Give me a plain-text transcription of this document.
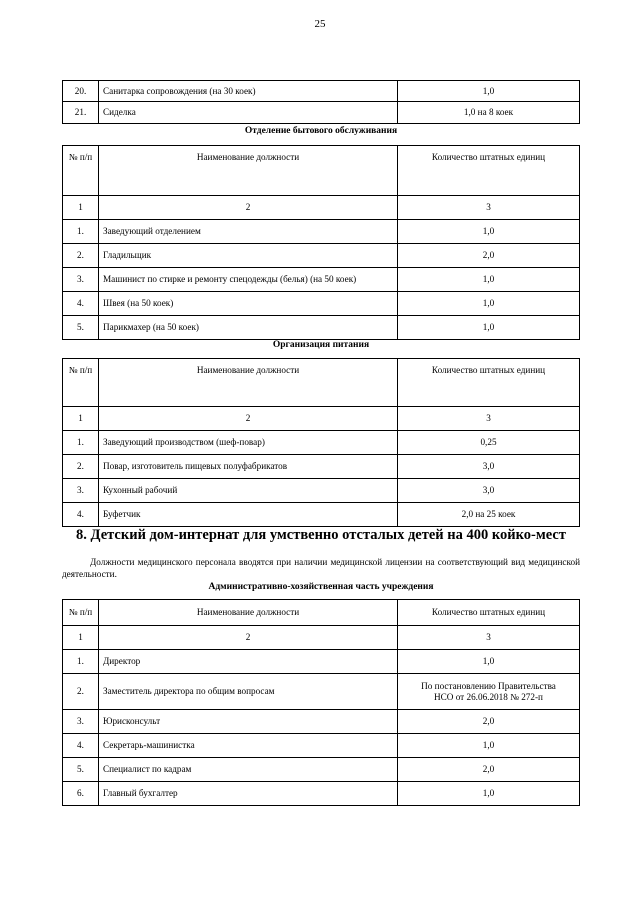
25
20.	Санитарка сопровождения (на 30 коек)	1,0
21.	Сиделка	1,0 на 8 коек
Отделение бытового обслуживания
№ п/п	Наименование должности	Количество штатных единиц
1	2	3
1.	Заведующий отделением	1,0
2.	Гладильщик	2,0
3.	Машинист по стирке и ремонту спецодежды (белья) (на 50 коек)	1,0
4.	Швея (на 50 коек)	1,0
5.	Парикмахер (на 50 коек)	1,0
Организация питания
№ п/п	Наименование должности	Количество штатных единиц
1	2	3
1.	Заведующий производством (шеф-повар)	0,25
2.	Повар, изготовитель пищевых полуфабрикатов	3,0
3.	Кухонный рабочий	3,0
4.	Буфетчик	2,0 на 25 коек
8. Детский дом-интернат для умственно отсталых детей на 400 койко-мест

Должности медицинского персонала вводятся при наличии медицинской лицензии на соответствующий вид медицинской деятельности.

Административно-хозяйственная часть учреждения
№ п/п	Наименование должности	Количество штатных единиц
1	2	3
1.	Директор	1,0
2.	Заместитель директора по общим вопросам	По постановлению Правительства
НСО от 26.06.2018 № 272-п

3.	Юрисконсульт	2,0
4.	Секретарь-машинистка	1,0
5.	Специалист по кадрам	2,0
6.	Главный бухгалтер	1,0
